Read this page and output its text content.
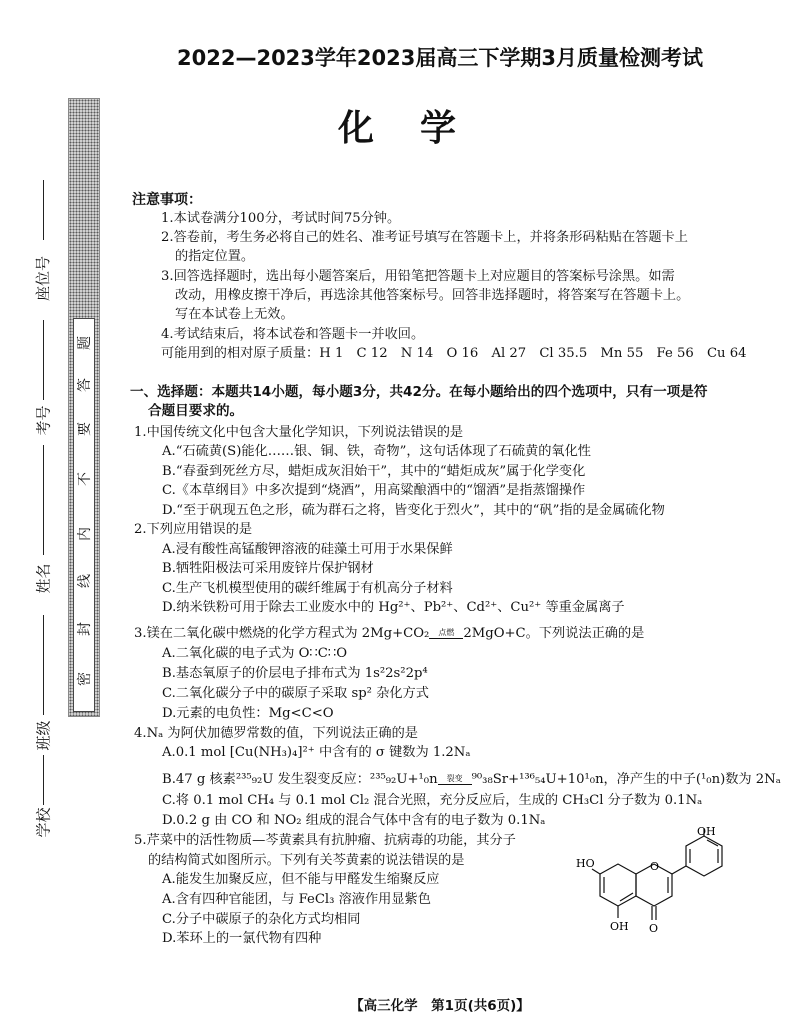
2022—2023学年2023届高三下学期3月质量检测考试
化学
密
封
线
内
不
要
答
题
座位号
考号
姓名
班级
学校
注意事项：
1.本试卷满分100分，考试时间75分钟。
2.答卷前，考生务必将自己的姓名、准考证号填写在答题卡上，并将条形码粘贴在答题卡上
的指定位置。
3.回答选择题时，选出每小题答案后，用铅笔把答题卡上对应题目的答案标号涂黑。如需
改动，用橡皮擦干净后，再选涂其他答案标号。回答非选择题时，将答案写在答题卡上。
写在本试卷上无效。
4.考试结束后，将本试卷和答题卡一并收回。
可能用到的相对原子质量：H 1　C 12　N 14　O 16　Al 27　Cl 35.5　Mn 55　Fe 56　Cu 64
一、选择题：本题共14小题，每小题3分，共42分。在每小题给出的四个选项中，只有一项是符
合题目要求的。
1.中国传统文化中包含大量化学知识，下列说法错误的是
A.“石硫黄(S)能化……银、铜、铁，奇物”，这句话体现了石硫黄的氧化性
B.“春蚕到死丝方尽，蜡炬成灰泪始干”，其中的“蜡炬成灰”属于化学变化
C.《本草纲目》中多次提到“烧酒”，用高粱酿酒中的“馏酒”是指蒸馏操作
D.“至于矾现五色之形，硫为群石之将，皆变化于烈火”，其中的“矾”指的是金属硫化物
2.下列应用错误的是
A.浸有酸性高锰酸钾溶液的硅藻土可用于水果保鲜
B.牺牲阳极法可采用废锌片保护钢材
C.生产飞机模型使用的碳纤维属于有机高分子材料
D.纳米铁粉可用于除去工业废水中的 Hg²⁺、Pb²⁺、Cd²⁺、Cu²⁺ 等重金属离子
3.镁在二氧化碳中燃烧的化学方程式为 2Mg+CO₂	点燃 2MgO+C。下列说法正确的是
A.二氧化碳的电子式为 O∷C∷O
B.基态氧原子的价层电子排布式为 1s²2s²2p⁴
C.二氧化碳分子中的碳原子采取 sp² 杂化方式
D.元素的电负性：Mg<C<O
4.Nₐ 为阿伏加德罗常数的值，下列说法正确的是
A.0.1 mol [Cu(NH₃)₄]²⁺ 中含有的 σ 键数为 1.2Nₐ
B.47 g 核素²³⁵₉₂U 发生裂变反应：²³⁵₉₂U+¹₀n	裂变 ⁹⁰₃₈Sr+¹³⁶₅₄U+10¹₀n，净产生的中子(¹₀n)数为 2Nₐ
C.将 0.1 mol CH₄ 与 0.1 mol Cl₂ 混合光照，充分反应后，生成的 CH₃Cl 分子数为 0.1Nₐ
D.0.2 g 由 CO 和 NO₂ 组成的混合气体中含有的电子数为 0.1Nₐ
5.芹菜中的活性物质—芩黄素具有抗肿瘤、抗病毒的功能，其分子
的结构简式如图所示。下列有关芩黄素的说法错误的是
A.能发生加聚反应，但不能与甲醛发生缩聚反应
A.含有四种官能团，与 FeCl₃ 溶液作用显紫色
C.分子中碳原子的杂化方式均相同
D.苯环上的一氯代物有四种
OH
HO
OH
O
O
【高三化学　第1页(共6页)】
